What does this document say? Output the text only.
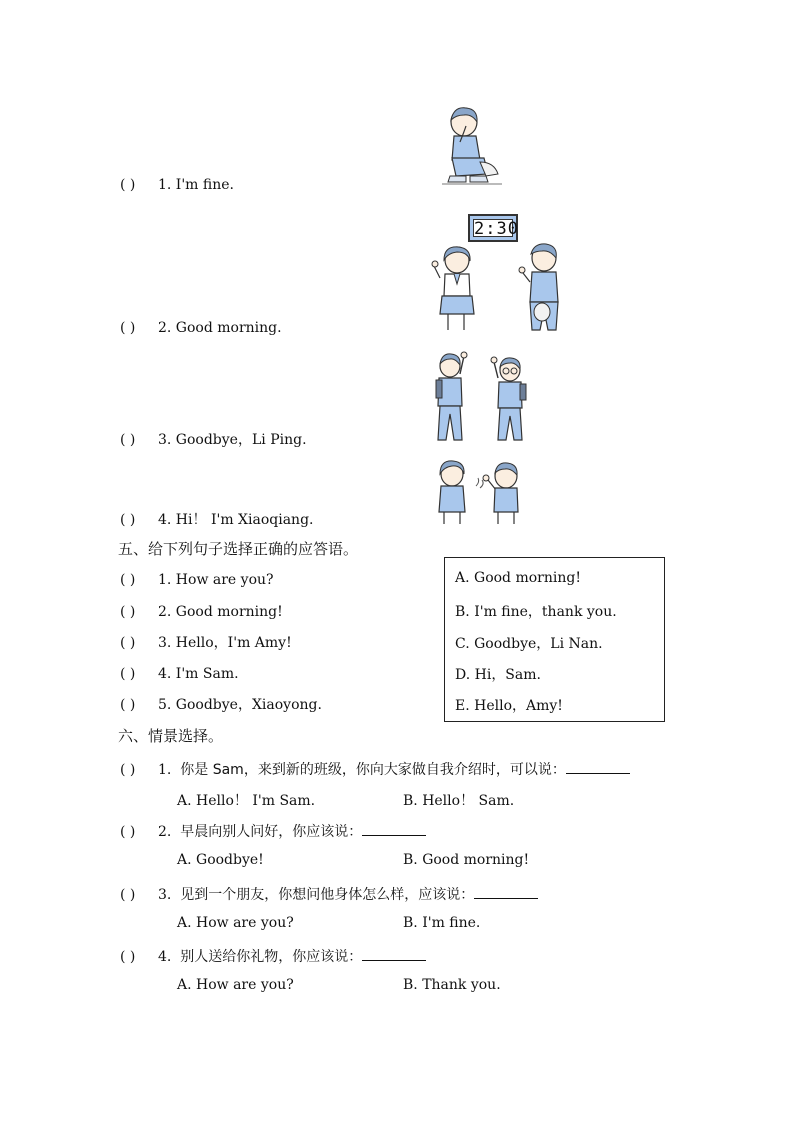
( ) 1. I'm fine.
( ) 2. Good morning.
( ) 3. Goodbye，Li Ping.
( ) 4. Hi！ I'm Xiaoqiang.
2:30
五、给下列句子选择正确的应答语。
( ) 1. How are you?
( ) 2. Good morning!
( ) 3. Hello，I'm Amy!
( ) 4. I'm Sam.
( ) 5. Goodbye，Xiaoyong.
A. Good morning!
B. I'm fine，thank you.
C. Goodbye，Li Nan.
D. Hi，Sam.
E. Hello，Amy!
六、情景选择。
( ) 1. 你是 Sam，来到新的班级，你向大家做自我介绍时，可以说：
A. Hello！ I'm Sam.	B. Hello！ Sam.
( ) 2. 早晨向别人问好，你应该说：
A. Goodbye!	B. Good morning!
( ) 3. 见到一个朋友，你想问他身体怎么样，应该说：
A. How are you?	B. I'm fine.
( ) 4. 别人送给你礼物，你应该说：
A. How are you?	B. Thank you.
